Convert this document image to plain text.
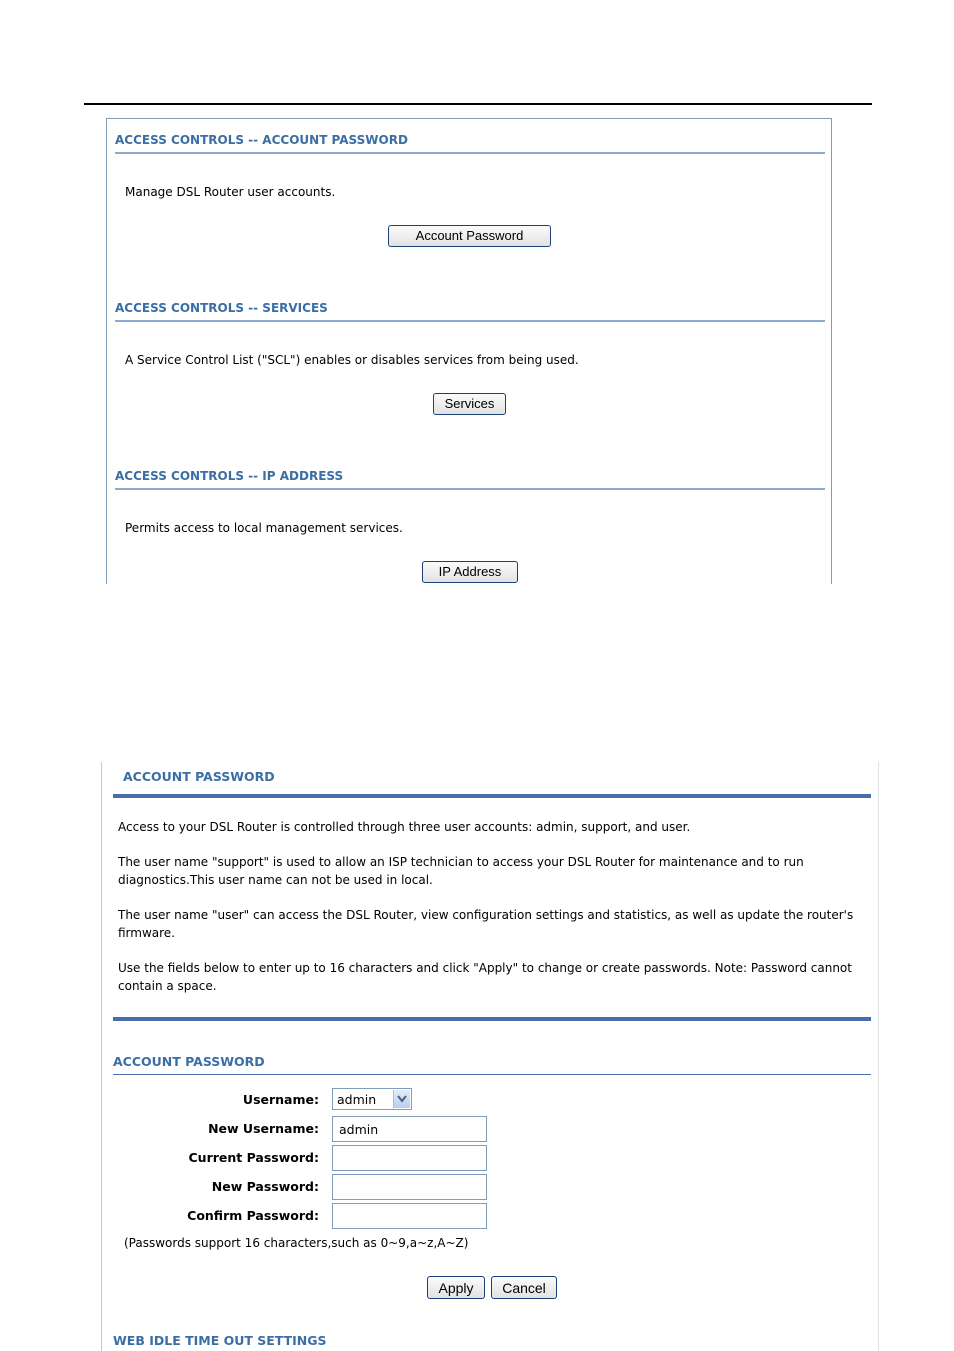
ACCESS CONTROLS -- ACCOUNT PASSWORD
Manage DSL Router user accounts.
Account Password
ACCESS CONTROLS -- SERVICES
A Service Control List ("SCL") enables or disables services from being used.
Services
ACCESS CONTROLS -- IP ADDRESS
Permits access to local management services.
IP Address
ACCOUNT PASSWORD
Access to your DSL Router is controlled through three user accounts: admin, support, and user.
The user name "support" is used to allow an ISP technician to access your DSL Router for maintenance and to run diagnostics.This user name can not be used in local.
The user name "user" can access the DSL Router, view configuration settings and statistics, as well as update the router's firmware.
Use the fields below to enter up to 16 characters and click "Apply" to change or create passwords. Note: Password cannot contain a space.
ACCOUNT PASSWORD
Username: admin
New Username:	admin
Current Password:
New Password:
Confirm Password:
(Passwords support 16 characters,such as 0~9,a~z,A~Z)
Apply	Cancel
WEB IDLE TIME OUT SETTINGS
